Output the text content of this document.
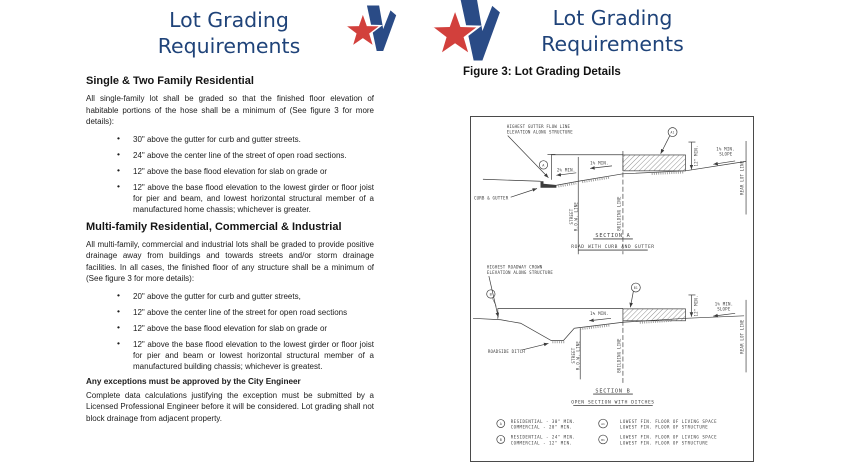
Lot Grading
Requirements
Single & Two Family Residential

All single-family lot shall be graded so that the finished floor elevation of habitable portions of the hose shall be a minimum of (See figure 3 for more details):

• 30" above the gutter for curb and gutter streets.
• 24" above the center line of the street of open road sections.
• 12" above the base flood elevation for slab on grade or
• 12" above the base flood elevation to the lowest girder or floor joist for pier and beam, and lowest horizontal structural member of a manufactured home chassis; whichever is greater.
Multi-family Residential, Commercial & Industrial

All multi-family, commercial and industrial lots shall be graded to provide positive drainage away from buildings and towards streets and/or storm drainage facilities. In all cases, the finished floor of any structure shall be a minimum of (See figure 3 for more details):

• 20" above the gutter for curb and gutter streets,
• 12" above the center line of the street for open road sections
• 12" above the base flood elevation for slab on grade or
• 12" above the base flood elevation to the lowest girder or floor joist for pier and beam or lowest horizontal structural member of a manufactured building chassis; whichever is greatest.
Any exceptions must be approved by the City Engineer

Complete data calculations justifying the exception must be submitted by a Licensed Professional Engineer before it will be considered. Lot grading shall not block drainage from adjacent property.

Lot Grading
Requirements
Figure 3: Lot Grading Details
HIGHEST GUTTER FLOW LINE
ELEVATION ALONG STRUCTURE
A
A1
2% MIN.
1% MIN.	12" MIN.	1% MIN.
SLOPE
CURB & GUTTER
STREET R.O.W. LINE	BUILDING LINE
REAR LOT LINE
SECTION A
ROAD WITH CURB AND GUTTER
HIGHEST ROADWAY CROWN
ELEVATION ALONG STRUCTURE
B
B1
1% MIN.	12" MIN.	1% MIN.
SLOPE
ROADSIDE DITCH	STREET R.O.W. LINE	BUILDING LINE
REAR LOT LINE
SECTION B
OPEN SECTION WITH DITCHES
A
RESIDENTIAL - 30" MIN.
COMMERCIAL - 20" MIN.
A1
LOWEST FIN. FLOOR OF LIVING SPACE
LOWEST FIN. FLOOR OF STRUCTURE
B
RESIDENTIAL - 24" MIN.
COMMERCIAL - 12" MIN.
B1
LOWEST FIN. FLOOR OF LIVING SPACE
LOWEST FIN. FLOOR OF STRUCTURE
